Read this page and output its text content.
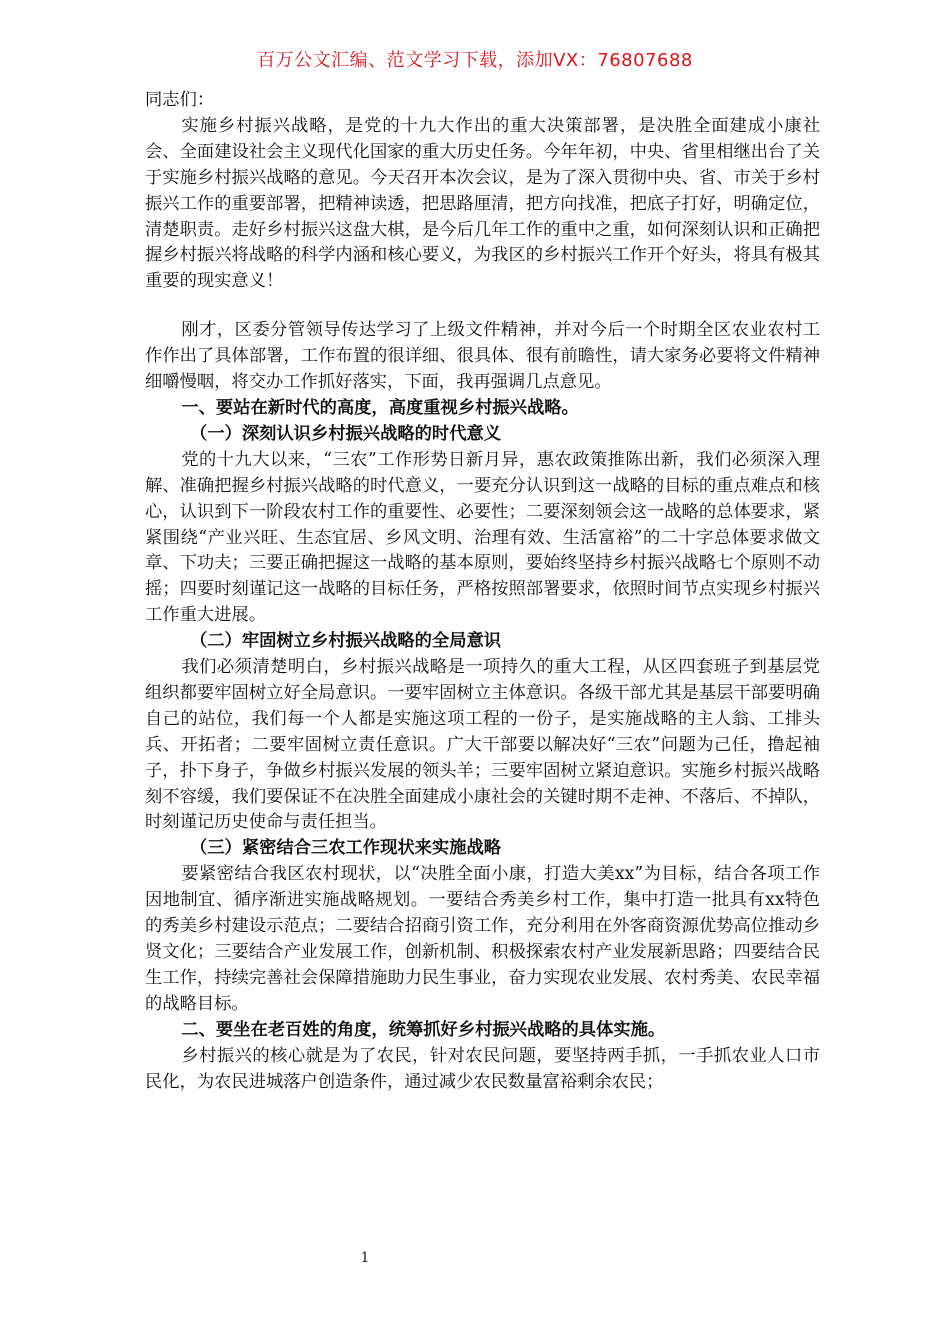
百万公文汇编、范文学习下载，添加VX：76807688

同志们：

实施乡村振兴战略，是党的十九大作出的重大决策部署，是决胜全面建成小康社会、全面建设社会主义现代化国家的重大历史任务。今年年初，中央、省里相继出台了关于实施乡村振兴战略的意见。今天召开本次会议，是为了深入贯彻中央、省、市关于乡村振兴工作的重要部署，把精神读透，把思路厘清，把方向找准，把底子打好，明确定位，清楚职责。走好乡村振兴这盘大棋，是今后几年工作的重中之重，如何深刻认识和正确把握乡村振兴将战略的科学内涵和核心要义，为我区的乡村振兴工作开个好头，将具有极其重要的现实意义！

刚才，区委分管领导传达学习了上级文件精神，并对今后一个时期全区农业农村工作作出了具体部署，工作布置的很详细、很具体、很有前瞻性，请大家务必要将文件精神细嚼慢咽，将交办工作抓好落实，下面，我再强调几点意见。

一、要站在新时代的高度，高度重视乡村振兴战略。

（一）深刻认识乡村振兴战略的时代意义

党的十九大以来，“三农”工作形势日新月异，惠农政策推陈出新，我们必须深入理解、准确把握乡村振兴战略的时代意义，一要充分认识到这一战略的目标的重点难点和核心，认识到下一阶段农村工作的重要性、必要性；二要深刻领会这一战略的总体要求，紧紧围绕“产业兴旺、生态宜居、乡风文明、治理有效、生活富裕”的二十字总体要求做文章、下功夫；三要正确把握这一战略的基本原则，要始终坚持乡村振兴战略七个原则不动摇；四要时刻谨记这一战略的目标任务，严格按照部署要求，依照时间节点实现乡村振兴工作重大进展。

（二）牢固树立乡村振兴战略的全局意识

我们必须清楚明白，乡村振兴战略是一项持久的重大工程，从区四套班子到基层党组织都要牢固树立好全局意识。一要牢固树立主体意识。各级干部尤其是基层干部要明确自己的站位，我们每一个人都是实施这项工程的一份子，是实施战略的主人翁、工排头兵、开拓者；二要牢固树立责任意识。广大干部要以解决好“三农”问题为己任，撸起袖子，扑下身子，争做乡村振兴发展的领头羊；三要牢固树立紧迫意识。实施乡村振兴战略刻不容缓，我们要保证不在决胜全面建成小康社会的关键时期不走神、不落后、不掉队，时刻谨记历史使命与责任担当。

（三）紧密结合三农工作现状来实施战略

要紧密结合我区农村现状，以“决胜全面小康，打造大美xx”为目标，结合各项工作因地制宜、循序渐进实施战略规划。一要结合秀美乡村工作，集中打造一批具有xx特色的秀美乡村建设示范点；二要结合招商引资工作，充分利用在外客商资源优势高位推动乡贤文化；三要结合产业发展工作，创新机制、积极探索农村产业发展新思路；四要结合民生工作，持续完善社会保障措施助力民生事业，奋力实现农业发展、农村秀美、农民幸福的战略目标。

二、要坐在老百姓的角度，统筹抓好乡村振兴战略的具体实施。

乡村振兴的核心就是为了农民，针对农民问题，要坚持两手抓，一手抓农业人口市民化，为农民进城落户创造条件，通过减少农民数量富裕剩余农民；

1
